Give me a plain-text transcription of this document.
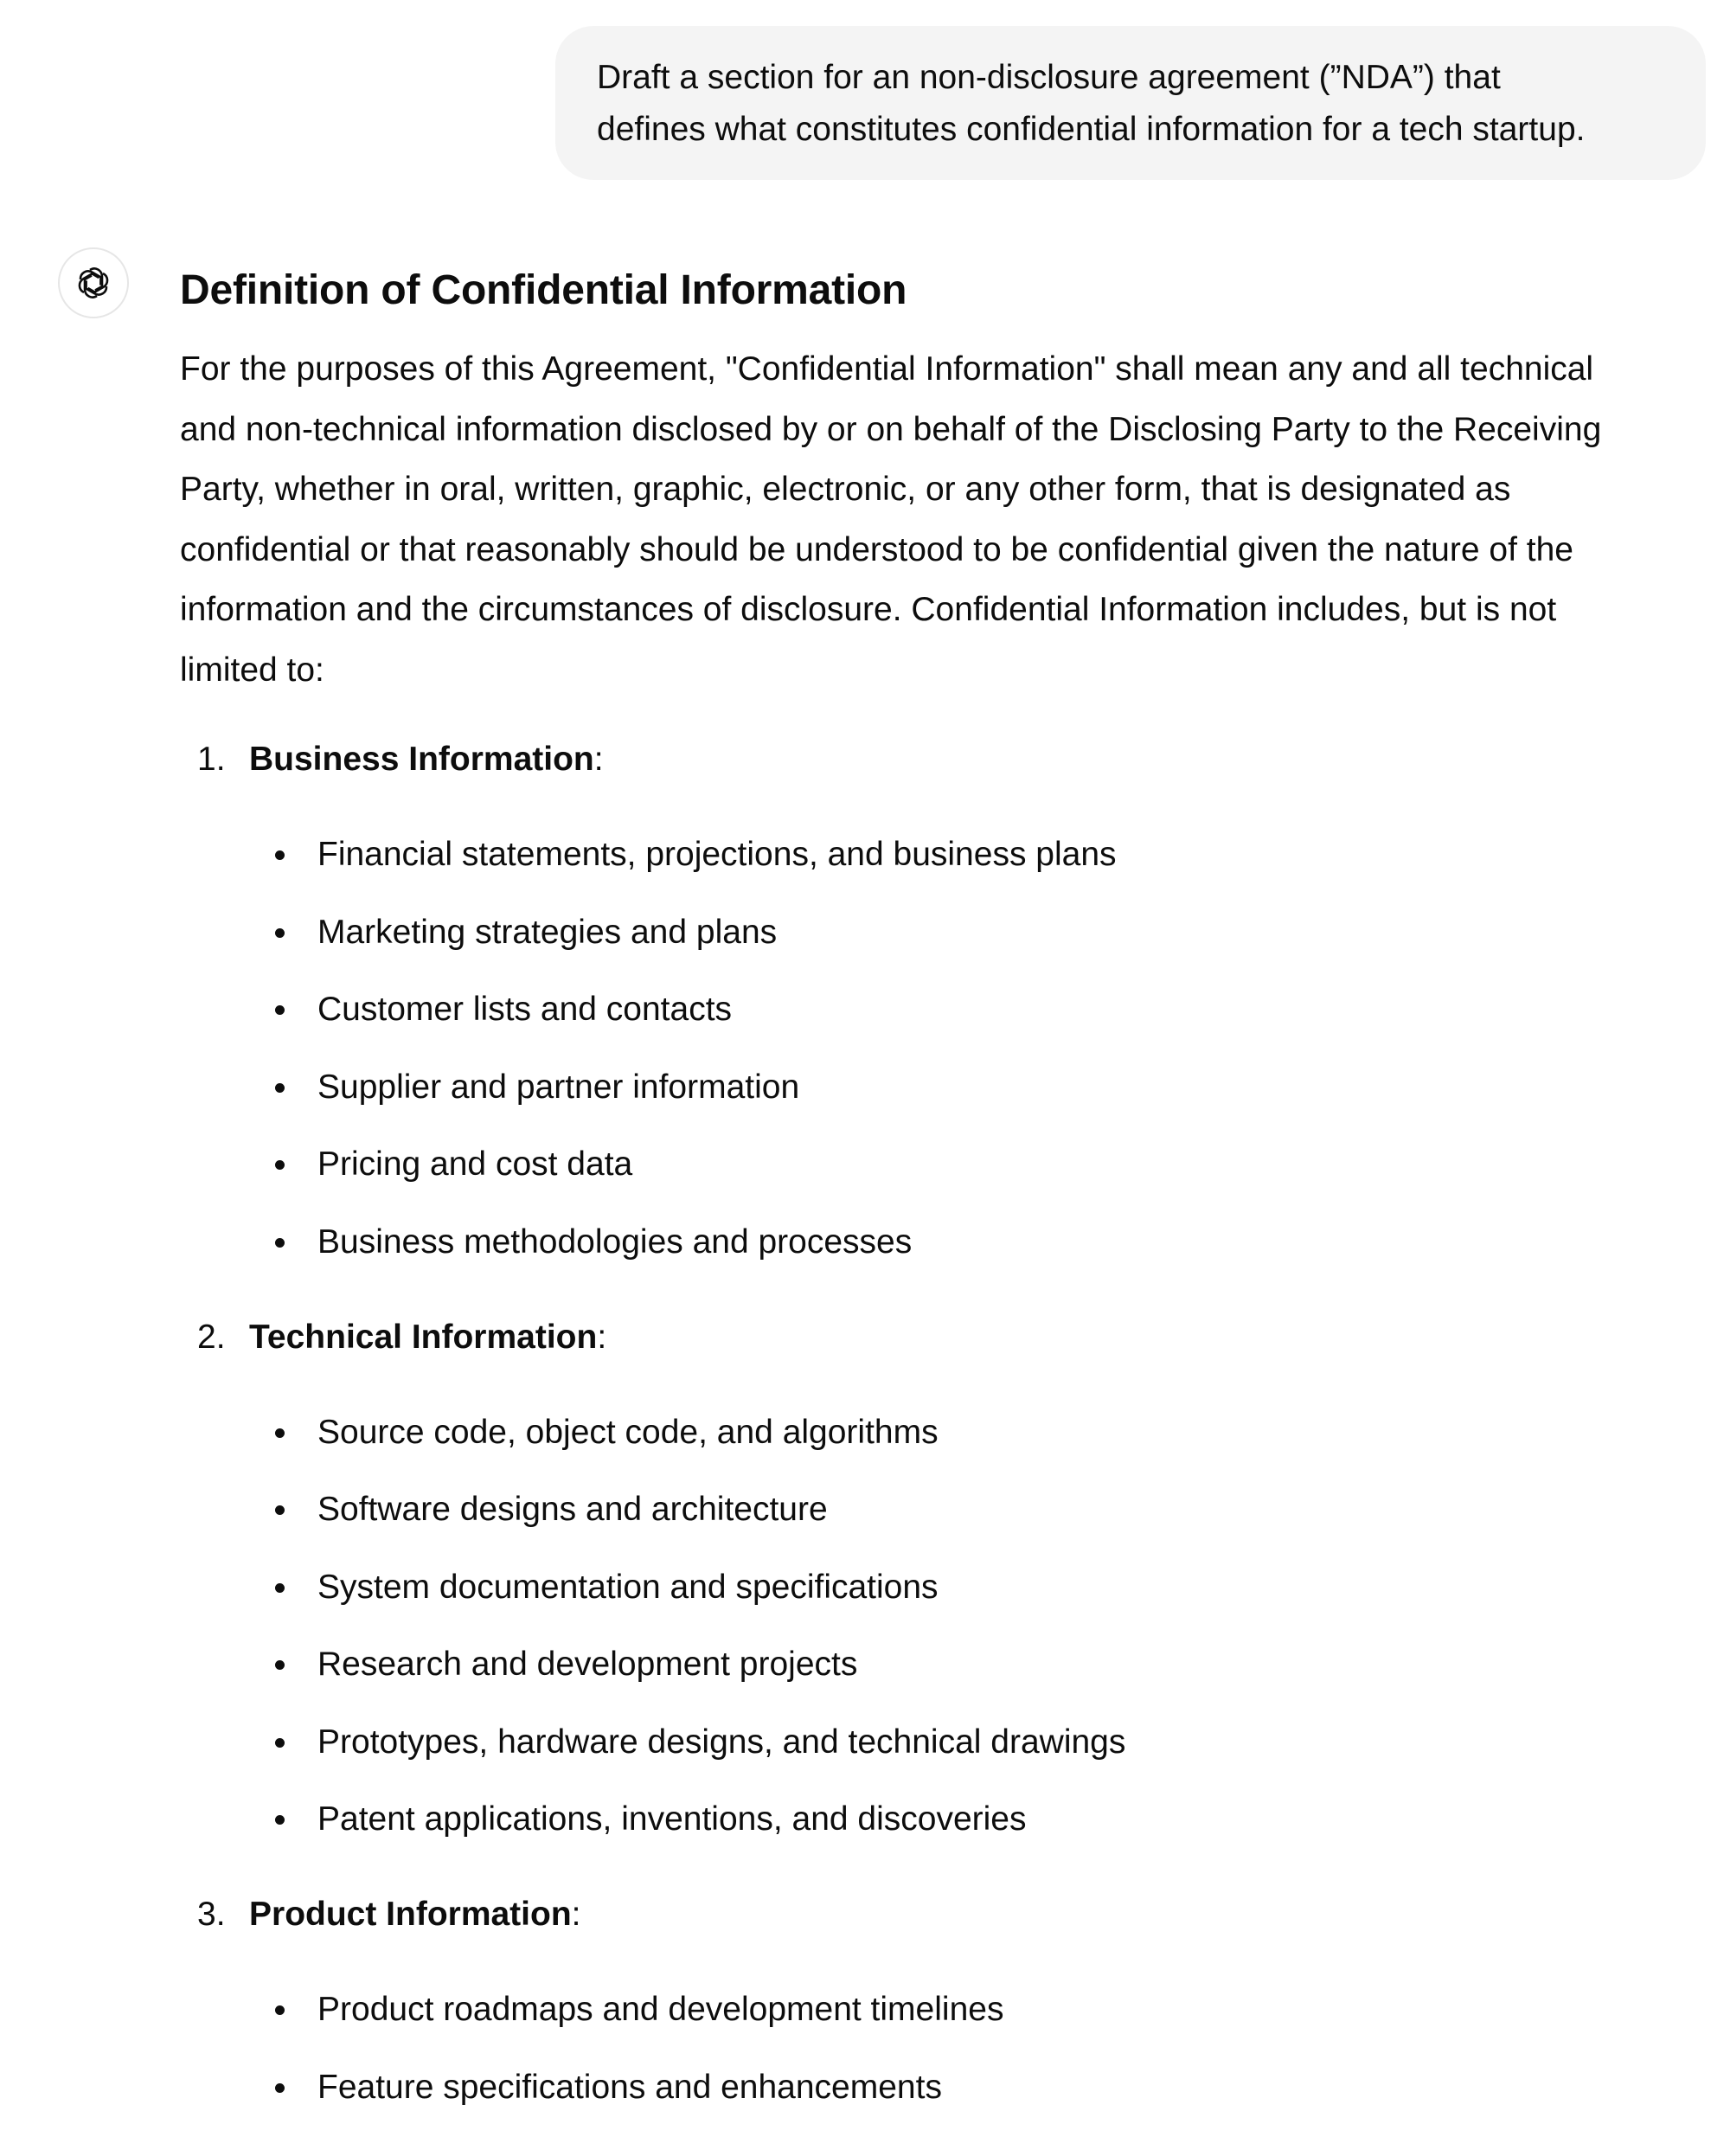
Draft a section for an non-disclosure agreement (”NDA”) that
defines what constitutes confidential information for a tech startup.
Definition of Confidential Information

For the purposes of this Agreement, "Confidential Information" shall mean any and all technical
and non-technical information disclosed by or on behalf of the Disclosing Party to the Receiving
Party, whether in oral, written, graphic, electronic, or any other form, that is designated as
confidential or that reasonably should be understood to be confidential given the nature of the
information and the circumstances of disclosure. Confidential Information includes, but is not
limited to:

1. Business Information:
Financial statements, projections, and business plans
Marketing strategies and plans
Customer lists and contacts
Supplier and partner information
Pricing and cost data
Business methodologies and processes
2. Technical Information:
Source code, object code, and algorithms
Software designs and architecture
System documentation and specifications
Research and development projects
Prototypes, hardware designs, and technical drawings
Patent applications, inventions, and discoveries
3. Product Information:
Product roadmaps and development timelines
Feature specifications and enhancements
